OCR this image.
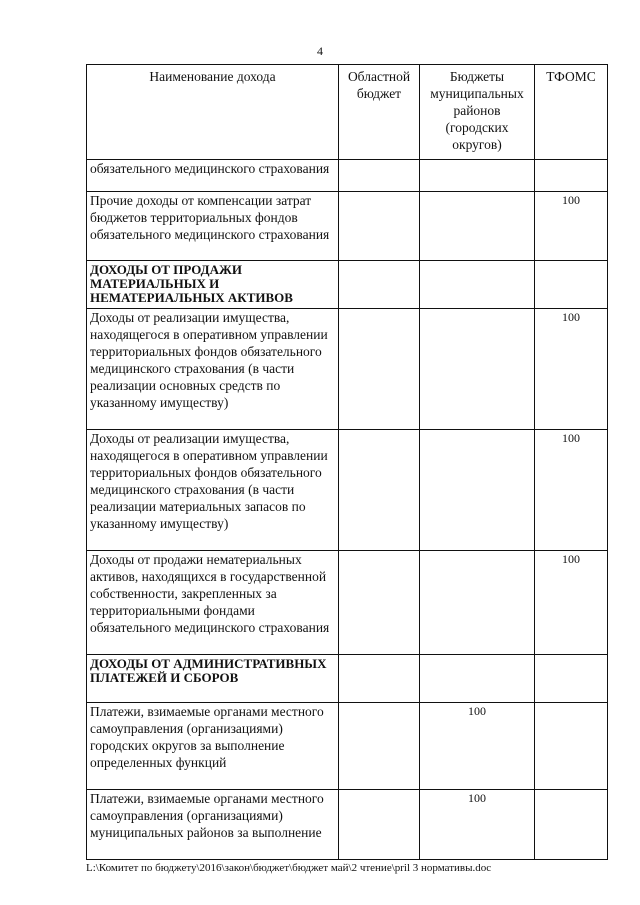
4
Наименование дохода	Областной бюджет	Бюджеты муниципальных районов (городских округов)	ТФОМС
обязательного медицинского страхования			
Прочие доходы от компенсации затрат бюджетов территориальных фондов обязательного медицинского страхования			100
ДОХОДЫ ОТ ПРОДАЖИ МАТЕРИАЛЬНЫХ И НЕМАТЕРИАЛЬНЫХ АКТИВОВ			
Доходы от реализации имущества, находящегося в оперативном управлении территориальных фондов обязательного медицинского страхования (в части реализации основных средств по указанному имуществу)			100
Доходы от реализации имущества, находящегося в оперативном управлении территориальных фондов обязательного медицинского страхования (в части реализации материальных запасов по указанному имуществу)			100
Доходы от продажи нематериальных активов, находящихся в государственной собственности, закрепленных за территориальными фондами обязательного медицинского страхования			100
ДОХОДЫ ОТ АДМИНИСТРАТИВНЫХ ПЛАТЕЖЕЙ И СБОРОВ			
Платежи, взимаемые органами местного самоуправления (организациями) городских округов за выполнение определенных функций		100	
Платежи, взимаемые органами местного самоуправления (организациями) муниципальных районов за выполнение		100	
L:\Комитет по бюджету\2016\закон\бюджет\бюджет май\2 чтение\pril 3 нормативы.doc
